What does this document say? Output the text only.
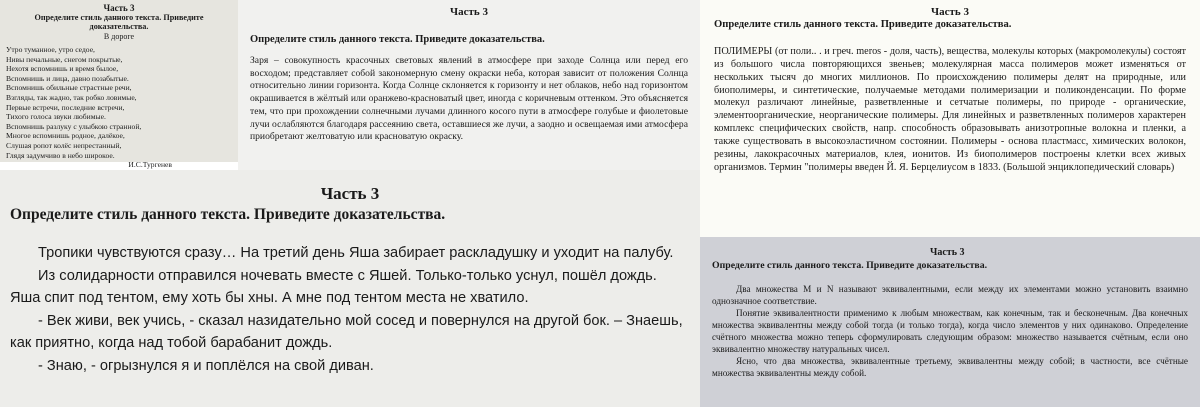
Часть 3
Определите стиль данного текста. Приведите доказательства.
В дороге
Утро туманное, утро седое,
Нивы печальные, снегом покрытые,
Нехотя вспомнишь и время былое,
Вспомнишь и лица, давно позабытые.
Вспомнишь обильные страстные речи,
Взгляды, так жадно, так робко ловимые,
Первые встречи, последние встречи,
Тихого голоса звуки любимые.
Вспомнишь разлуку с улыбкою странной,
Многое вспомнишь родное, далёкое,
Слушая ропот колёс непрестанный,
Глядя задумчиво в небо широкое.
И.С.Тургенев
Часть 3
Определите стиль данного текста. Приведите доказательства.
Заря – совокупность красочных световых явлений в атмосфере при заходе Солнца или перед его восходом; представляет собой закономерную смену окраски неба, которая зависит от положения Солнца относительно линии горизонта. Когда Солнце склоняется к горизонту и нет облаков, небо над горизонтом окрашивается в жёлтый или оранжево-красноватый цвет, иногда с коричневым оттенком. Это объясняется тем, что при прохождении солнечными лучами длинного косого пути в атмосфере голубые и фиолетовые лучи ослабляются благодаря рассеянию света, оставшиеся же лучи, а заодно и освещаемая ими атмосфера приобретают желтоватую или красноватую окраску.
Часть 3
Определите стиль данного текста. Приведите доказательства.
ПОЛИМЕРЫ (от поли.. . и греч. meros - доля, часть), вещества, молекулы которых (макромолекулы) состоят из большого числа повторяющихся звеньев; молекулярная масса полимеров может изменяться от нескольких тысяч до многих миллионов. По происхождению полимеры делят на природные, или биополимеры, и синтетические, получаемые методами полимеризации и поликонденсации. По форме молекул различают линейные, разветвленные и сетчатые полимеры, по природе - органические, элементоорганические, неорганические полимеры. Для линейных и разветвленных полимеров характерен комплекс специфических свойств, напр. способность образовывать анизотропные волокна и пленки, а также существовать в высокоэластичном состоянии. Полимеры - основа пластмасс, химических волокон, резины, лакокрасочных материалов, клея, ионитов. Из биополимеров построены клетки всех живых организмов. Термин "полимеры введен Й. Я. Берцелиусом в 1833. (Большой энциклопедический словарь)
Часть 3
Определите стиль данного текста. Приведите доказательства.

Тропики чувствуются сразу… На третий день Яша забирает раскладушку и уходит на палубу.

Из солидарности отправился ночевать вместе с Яшей. Только-только уснул, пошёл дождь. Яша спит под тентом, ему хоть бы хны. А мне под тентом места не хватило.

- Век живи, век учись, - сказал назидательно мой сосед и повернулся на другой бок. – Знаешь, как приятно, когда над тобой барабанит дождь.

- Знаю, - огрызнулся я и поплёлся на свой диван.

Часть 3
Определите стиль данного текста. Приведите доказательства.

Два множества М и N называют эквивалентными, если между их элементами можно установить взаимно однозначное соответствие.

Понятие эквивалентности применимо к любым множествам, как конечным, так и бесконечным. Два конечных множества эквивалентны между собой тогда (и только тогда), когда число элементов у них одинаково. Определение счётного множества можно теперь сформулировать следующим образом: множество называется счётным, если оно эквивалентно множеству натуральных чисел.

Ясно, что два множества, эквивалентные третьему, эквивалентны между собой; в частности, все счётные множества эквивалентны между собой.
